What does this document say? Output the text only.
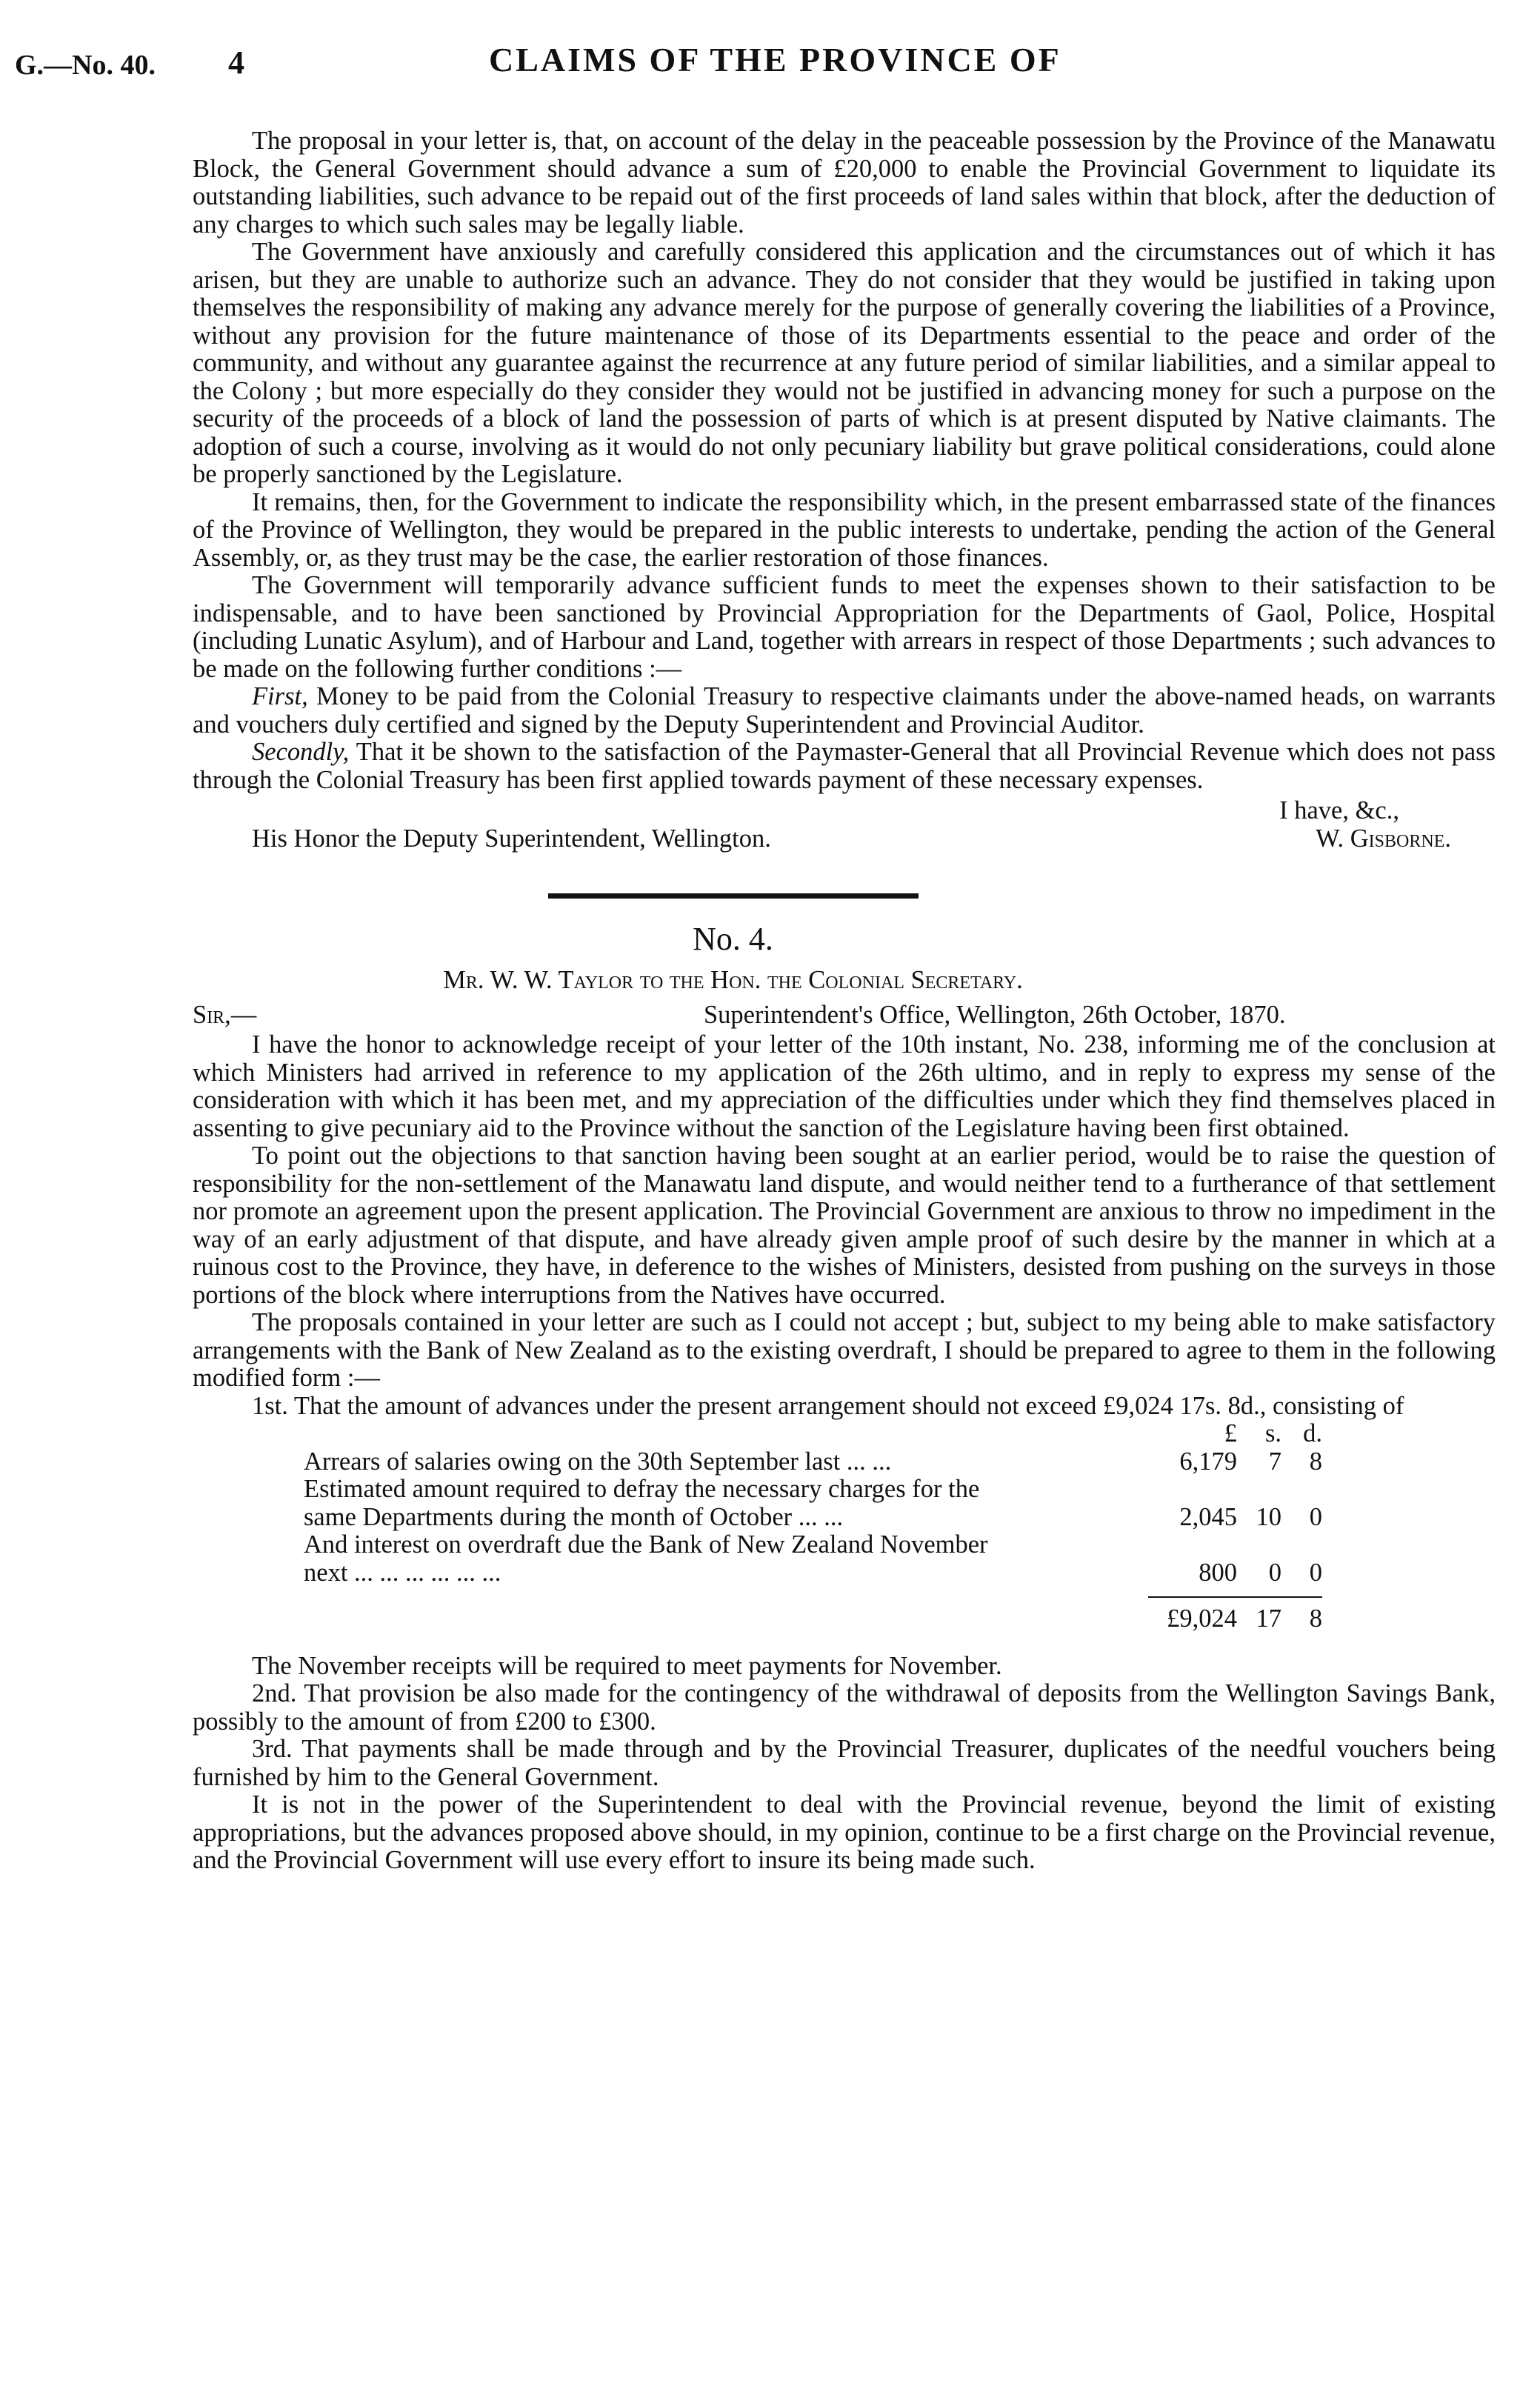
G.—No. 40. 4	CLAIMS OF THE PROVINCE OF

The proposal in your letter is, that, on account of the delay in the peaceable possession by the Province of the Manawatu Block, the General Government should advance a sum of £20,000 to enable the Provincial Government to liquidate its outstanding liabilities, such advance to be repaid out of the first proceeds of land sales within that block, after the deduction of any charges to which such sales may be legally liable.

The Government have anxiously and carefully considered this application and the circumstances out of which it has arisen, but they are unable to authorize such an advance. They do not consider that they would be justified in taking upon themselves the responsibility of making any advance merely for the purpose of generally covering the liabilities of a Province, without any provision for the future maintenance of those of its Departments essential to the peace and order of the community, and without any guarantee against the recurrence at any future period of similar liabilities, and a similar appeal to the Colony ; but more especially do they consider they would not be justified in advancing money for such a purpose on the security of the proceeds of a block of land the possession of parts of which is at present disputed by Native claimants. The adoption of such a course, involving as it would do not only pecuniary liability but grave political considerations, could alone be properly sanctioned by the Legislature.

It remains, then, for the Government to indicate the responsibility which, in the present embarrassed state of the finances of the Province of Wellington, they would be prepared in the public interests to undertake, pending the action of the General Assembly, or, as they trust may be the case, the earlier restoration of those finances.

The Government will temporarily advance sufficient funds to meet the expenses shown to their satisfaction to be indispensable, and to have been sanctioned by Provincial Appropriation for the Departments of Gaol, Police, Hospital (including Lunatic Asylum), and of Harbour and Land, together with arrears in respect of those Departments ; such advances to be made on the following further conditions :—

First, Money to be paid from the Colonial Treasury to respective claimants under the above-named heads, on warrants and vouchers duly certified and signed by the Deputy Superintendent and Provincial Auditor.

Secondly, That it be shown to the satisfaction of the Paymaster-General that all Provincial Revenue which does not pass through the Colonial Treasury has been first applied towards payment of these necessary expenses.

I have, &c.,
His Honor the Deputy Superintendent, Wellington.	W. Gisborne.
No. 4.
Mr. W. W. Taylor to the Hon. the Colonial Secretary.
Sir,—	Superintendent's Office, Wellington, 26th October, 1870.

I have the honor to acknowledge receipt of your letter of the 10th instant, No. 238, informing me of the conclusion at which Ministers had arrived in reference to my application of the 26th ultimo, and in reply to express my sense of the consideration with which it has been met, and my appreciation of the difficulties under which they find themselves placed in assenting to give pecuniary aid to the Province without the sanction of the Legislature having been first obtained.

To point out the objections to that sanction having been sought at an earlier period, would be to raise the question of responsibility for the non-settlement of the Manawatu land dispute, and would neither tend to a furtherance of that settlement nor promote an agreement upon the present application. The Provincial Government are anxious to throw no impediment in the way of an early adjustment of that dispute, and have already given ample proof of such desire by the manner in which at a ruinous cost to the Province, they have, in deference to the wishes of Ministers, desisted from pushing on the surveys in those portions of the block where interruptions from the Natives have occurred.

The proposals contained in your letter are such as I could not accept ; but, subject to my being able to make satisfactory arrangements with the Bank of New Zealand as to the existing overdraft, I should be prepared to agree to them in the following modified form :—

1st. That the amount of advances under the present arrangement should not exceed £9,024 17s. 8d., consisting of

	£	s.	d.
Arrears of salaries owing on the 30th September last ... ...	6,179	7	8
Estimated amount required to defray the necessary charges for the			
same Departments during the month of October ... ...	2,045	10	0
And interest on overdraft due the Bank of New Zealand November			
next ... ... ... ... ... ...	800	0	0

	£9,024	17	8

The November receipts will be required to meet payments for November.

2nd. That provision be also made for the contingency of the withdrawal of deposits from the Wellington Savings Bank, possibly to the amount of from £200 to £300.

3rd. That payments shall be made through and by the Provincial Treasurer, duplicates of the needful vouchers being furnished by him to the General Government.

It is not in the power of the Superintendent to deal with the Provincial revenue, beyond the limit of existing appropriations, but the advances proposed above should, in my opinion, continue to be a first charge on the Provincial revenue, and the Provincial Government will use every effort to insure its being made such.
